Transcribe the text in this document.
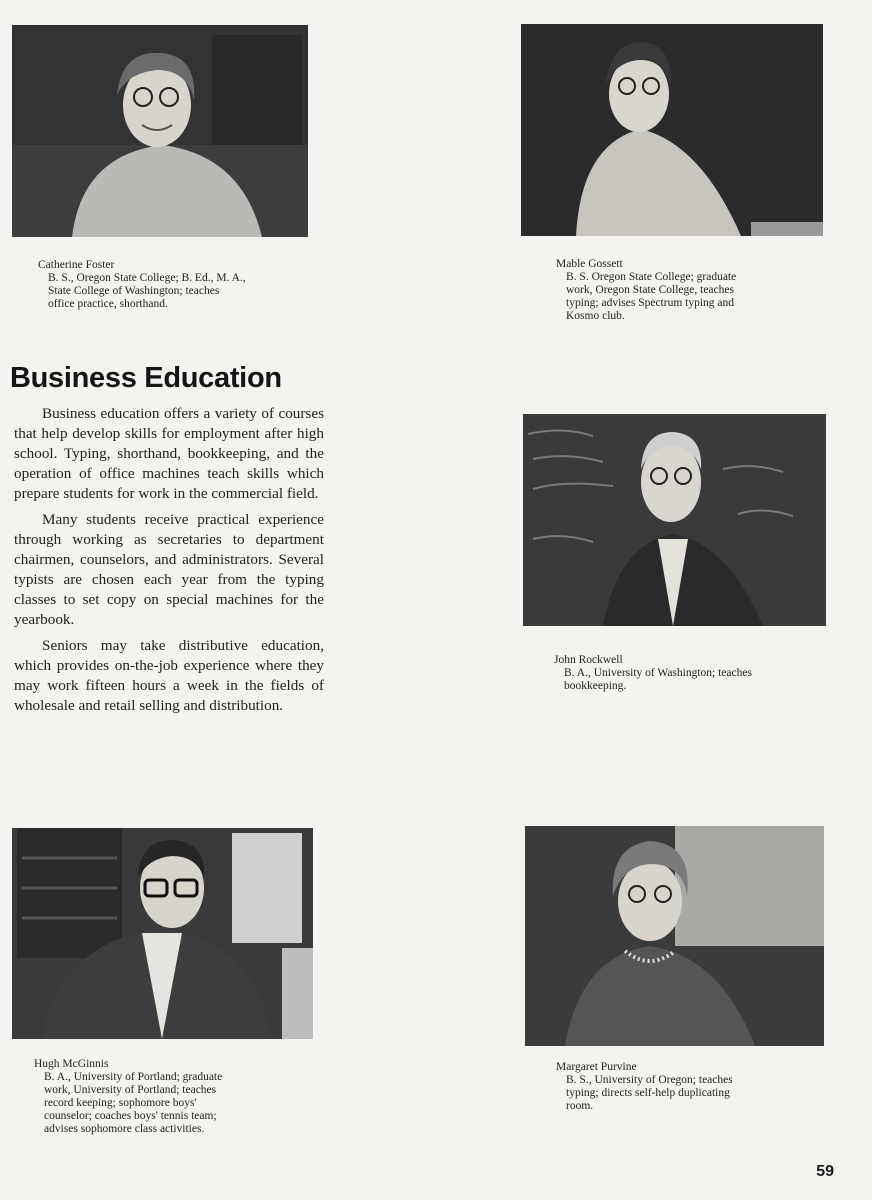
Catherine Foster
B. S., Oregon State College; B. Ed., M. A., State College of Washington; teaches office practice, shorthand.
Mable Gossett
B. S. Oregon State College; graduate work, Oregon State College, teaches typing; advises Spectrum typing and Kosmo club.
Business Education

Business education offers a variety of courses that help develop skills for employment after high school. Typing, shorthand, bookkeeping, and the operation of office machines teach skills which prepare students for work in the commercial field.

Many students receive practical experience through working as secretaries to department chairmen, counselors, and administrators. Several typists are chosen each year from the typing classes to set copy on special machines for the yearbook.

Seniors may take distributive education, which provides on-the-job experience where they may work fifteen hours a week in the fields of wholesale and retail selling and distribution.

John Rockwell
B. A., University of Washington; teaches bookkeeping.
Hugh McGinnis
B. A., University of Portland; graduate work, University of Portland; teaches record keeping; sophomore boys' counselor; coaches boys' tennis team; advises sophomore class activities.
Margaret Purvine
B. S., University of Oregon; teaches typing; directs self-help duplicating room.
59
